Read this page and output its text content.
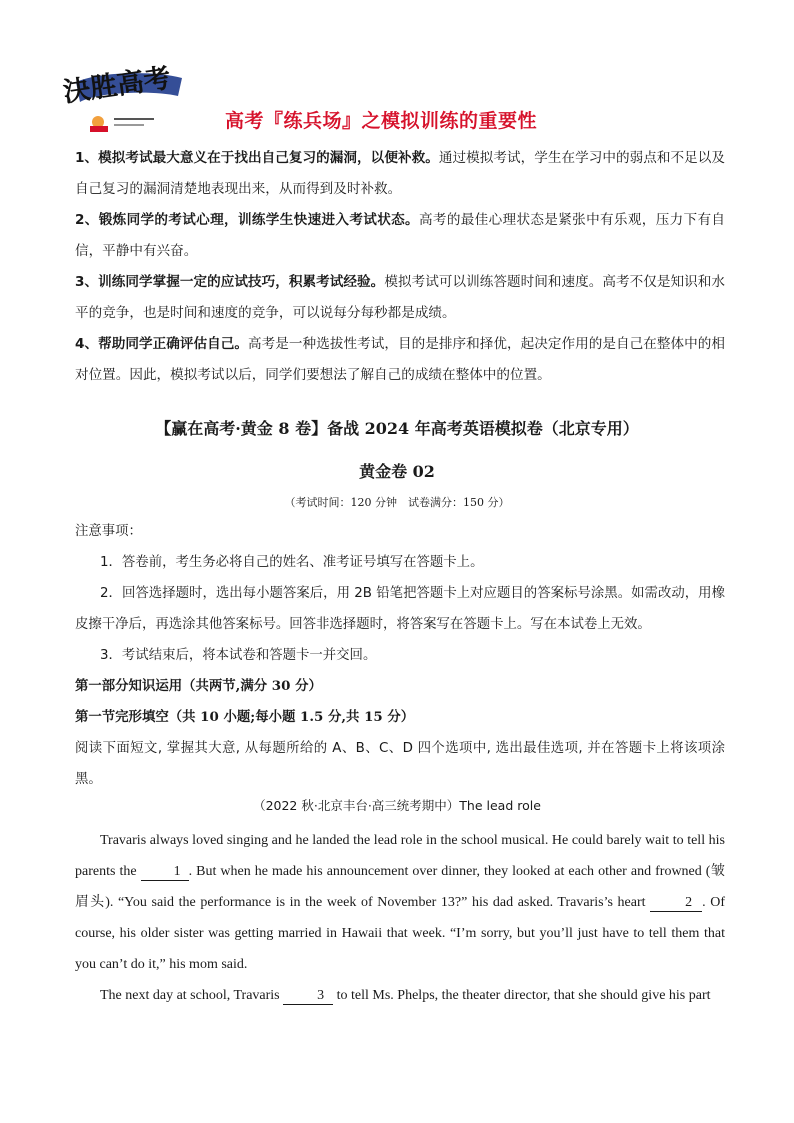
決胜高考
高考『练兵场』之模拟训练的重要性

1、模拟考试最大意义在于找出自己复习的漏洞，以便补救。通过模拟考试，学生在学习中的弱点和不足以及自己复习的漏洞清楚地表现出来，从而得到及时补救。

2、锻炼同学的考试心理，训练学生快速进入考试状态。高考的最佳心理状态是紧张中有乐观，压力下有自信，平静中有兴奋。

3、训练同学掌握一定的应试技巧，积累考试经验。模拟考试可以训练答题时间和速度。高考不仅是知识和水平的竞争，也是时间和速度的竞争，可以说每分每秒都是成绩。

4、帮助同学正确评估自己。高考是一种选拔性考试，目的是排序和择优，起决定作用的是自己在整体中的相对位置。因此，模拟考试以后，同学们要想法了解自己的成绩在整体中的位置。

【赢在高考·黄金 8 卷】备战 2024 年高考英语模拟卷（北京专用）
黄金卷 02
（考试时间：120 分钟　试卷满分：150 分）

注意事项：

1．答卷前，考生务必将自己的姓名、准考证号填写在答题卡上。

2．回答选择题时，选出每小题答案后，用 2B 铅笔把答题卡上对应题目的答案标号涂黑。如需改动，用橡皮擦干净后，再选涂其他答案标号。回答非选择题时，将答案写在答题卡上。写在本试卷上无效。

3．考试结束后，将本试卷和答题卡一并交回。

第一部分知识运用（共两节,满分 30 分）

第一节完形填空（共 10 小题;每小题 1.5 分,共 15 分）

阅读下面短文, 掌握其大意, 从每题所给的 A、B、C、D 四个选项中, 选出最佳选项, 并在答题卡上将该项涂黑。

（2022 秋·北京丰台·高三统考期中）The lead role

Travaris always loved singing and he landed the lead role in the school musical. He could barely wait to tell his parents the 1 . But when he made his announcement over dinner, they looked at each other and frowned (皱眉头). “You said the performance is in the week of November 13?” his dad asked. Travaris’s heart	2 . Of course, his older sister was getting married in Hawaii that week. “I’m sorry, but you’ll just have to tell them that you can’t do it,” his mom said.

The next day at school, Travaris 3 to tell Ms. Phelps, the theater director, that she should give his part
